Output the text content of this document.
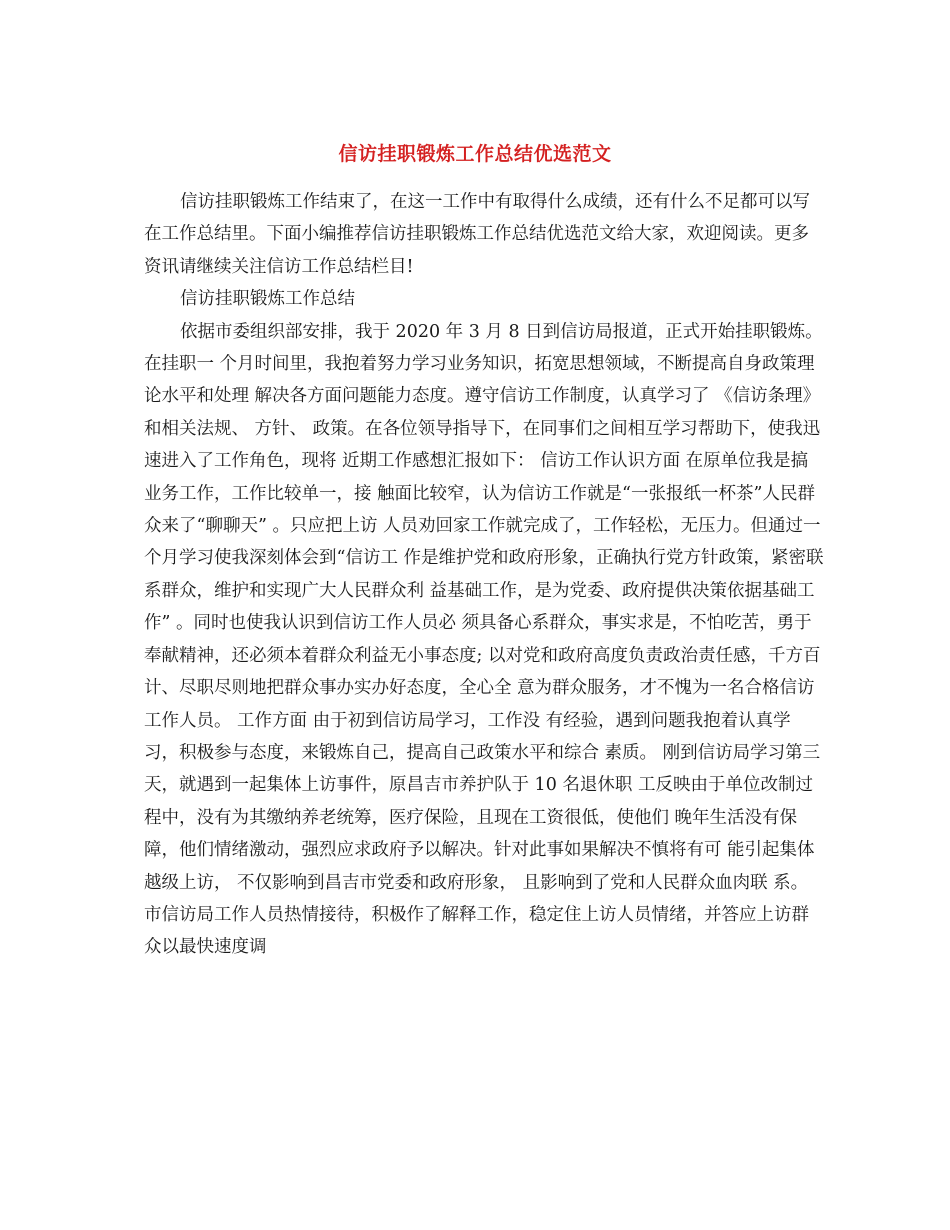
信访挂职锻炼工作总结优选范文

信访挂职锻炼工作结束了，在这一工作中有取得什么成绩，还有什么不足都可以写在工作总结里。下面小编推荐信访挂职锻炼工作总结优选范文给大家，欢迎阅读。更多资讯请继续关注信访工作总结栏目!

信访挂职锻炼工作总结

依据市委组织部安排，我于 2020 年 3 月 8 日到信访局报道，正式开始挂职锻炼。在挂职一 个月时间里，我抱着努力学习业务知识，拓宽思想领域，不断提高自身政策理论水平和处理 解决各方面问题能力态度。遵守信访工作制度，认真学习了 《信访条理》和相关法规、 方针、 政策。在各位领导指导下，在同事们之间相互学习帮助下，使我迅速进入了工作角色，现将 近期工作感想汇报如下： 信访工作认识方面 在原单位我是搞业务工作，工作比较单一，接 触面比较窄，认为信访工作就是“一张报纸一杯茶”人民群众来了“聊聊天” 。只应把上访 人员劝回家工作就完成了，工作轻松，无压力。但通过一个月学习使我深刻体会到“信访工 作是维护党和政府形象，正确执行党方针政策，紧密联系群众，维护和实现广大人民群众利 益基础工作，是为党委、政府提供决策依据基础工作” 。同时也使我认识到信访工作人员必 须具备心系群众，事实求是，不怕吃苦，勇于奉献精神，还必须本着群众利益无小事态度; 以对党和政府高度负责政治责任感，千方百计、尽职尽则地把群众事办实办好态度，全心全 意为群众服务，才不愧为一名合格信访工作人员。 工作方面 由于初到信访局学习，工作没 有经验，遇到问题我抱着认真学习，积极参与态度，来锻炼自己，提高自己政策水平和综合 素质。 刚到信访局学习第三天，就遇到一起集体上访事件，原昌吉市养护队于 10 名退休职 工反映由于单位改制过程中，没有为其缴纳养老统筹，医疗保险，且现在工资很低，使他们 晚年生活没有保障，他们情绪激动，强烈应求政府予以解决。针对此事如果解决不慎将有可 能引起集体越级上访， 不仅影响到昌吉市党委和政府形象， 且影响到了党和人民群众血肉联 系。市信访局工作人员热情接待，积极作了解释工作，稳定住上访人员情绪，并答应上访群 众以最快速度调
